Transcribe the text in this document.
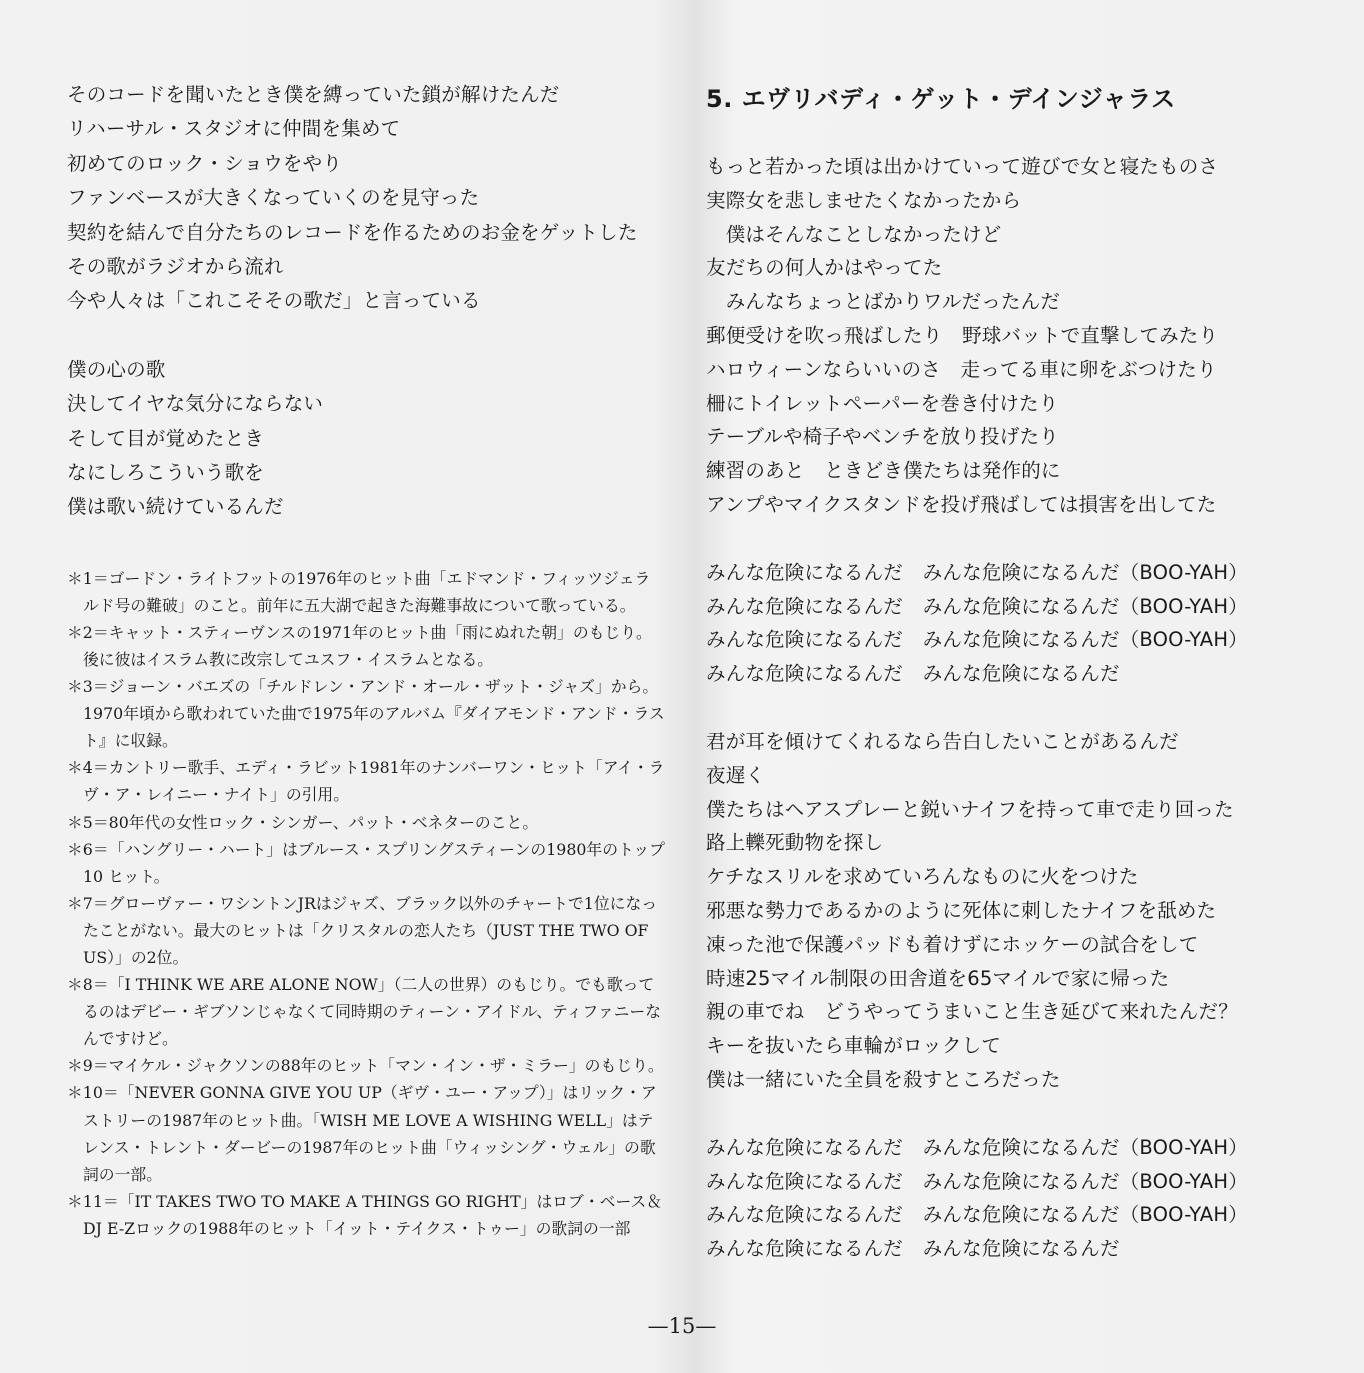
そのコードを聞いたとき僕を縛っていた鎖が解けたんだ
リハーサル・スタジオに仲間を集めて
初めてのロック・ショウをやり
ファンベースが大きくなっていくのを見守った
契約を結んで自分たちのレコードを作るためのお金をゲットした
その歌がラジオから流れ
今や人々は「これこそその歌だ」と言っている
僕の心の歌
決してイヤな気分にならない
そして目が覚めたとき
なにしろこういう歌を
僕は歌い続けているんだ
＊1＝ゴードン・ライトフットの1976年のヒット曲「エドマンド・フィッツジェラルド号の難破」のこと。前年に五大湖で起きた海難事故について歌っている。
＊2＝キャット・スティーヴンスの1971年のヒット曲「雨にぬれた朝」のもじり。後に彼はイスラム教に改宗してユスフ・イスラムとなる。
＊3＝ジョーン・バエズの「チルドレン・アンド・オール・ザット・ジャズ」から。1970年頃から歌われていた曲で1975年のアルバム『ダイアモンド・アンド・ラスト』に収録。
＊4＝カントリー歌手、エディ・ラビット1981年のナンバーワン・ヒット「アイ・ラヴ・ア・レイニー・ナイト」の引用。
＊5＝80年代の女性ロック・シンガー、パット・ベネターのこと。
＊6＝「ハングリー・ハート」はブルース・スプリングスティーンの1980年のトップ10 ヒット。
＊7＝グローヴァー・ワシントンJRはジャズ、ブラック以外のチャートで1位になったことがない。最大のヒットは「クリスタルの恋人たち（JUST THE TWO OF US）」の2位。
＊8＝「I THINK WE ARE ALONE NOW」（二人の世界）のもじり。でも歌ってるのはデビー・ギブソンじゃなくて同時期のティーン・アイドル、ティファニーなんですけど。
＊9＝マイケル・ジャクソンの88年のヒット「マン・イン・ザ・ミラー」のもじり。
＊10＝「NEVER GONNA GIVE YOU UP（ギヴ・ユー・アップ）」はリック・アストリーの1987年のヒット曲。「WISH ME LOVE A WISHING WELL」はテレンス・トレント・ダービーの1987年のヒット曲「ウィッシング・ウェル」の歌詞の一部。
＊11＝「IT TAKES TWO TO MAKE A THINGS GO RIGHT」はロブ・ベース＆DJ E-Zロックの1988年のヒット「イット・テイクス・トゥー」の歌詞の一部
5. エヴリバディ・ゲット・デインジャラス
もっと若かった頃は出かけていって遊びで女と寝たものさ
実際女を悲しませたくなかったから
　僕はそんなことしなかったけど
友だちの何人かはやってた
　みんなちょっとばかりワルだったんだ
郵便受けを吹っ飛ばしたり　野球バットで直撃してみたり
ハロウィーンならいいのさ　走ってる車に卵をぶつけたり
柵にトイレットペーパーを巻き付けたり
テーブルや椅子やベンチを放り投げたり
練習のあと　ときどき僕たちは発作的に
アンプやマイクスタンドを投げ飛ばしては損害を出してた
みんな危険になるんだ　みんな危険になるんだ（BOO-YAH）
みんな危険になるんだ　みんな危険になるんだ（BOO-YAH）
みんな危険になるんだ　みんな危険になるんだ（BOO-YAH）
みんな危険になるんだ　みんな危険になるんだ
君が耳を傾けてくれるなら告白したいことがあるんだ
夜遅く
僕たちはヘアスプレーと鋭いナイフを持って車で走り回った
路上轢死動物を探し
ケチなスリルを求めていろんなものに火をつけた
邪悪な勢力であるかのように死体に刺したナイフを舐めた
凍った池で保護パッドも着けずにホッケーの試合をして
時速25マイル制限の田舎道を65マイルで家に帰った
親の車でね　どうやってうまいこと生き延びて来れたんだ？
キーを抜いたら車輪がロックして
僕は一緒にいた全員を殺すところだった
みんな危険になるんだ　みんな危険になるんだ（BOO-YAH）
みんな危険になるんだ　みんな危険になるんだ（BOO-YAH）
みんな危険になるんだ　みんな危険になるんだ（BOO-YAH）
みんな危険になるんだ　みんな危険になるんだ
—15—
